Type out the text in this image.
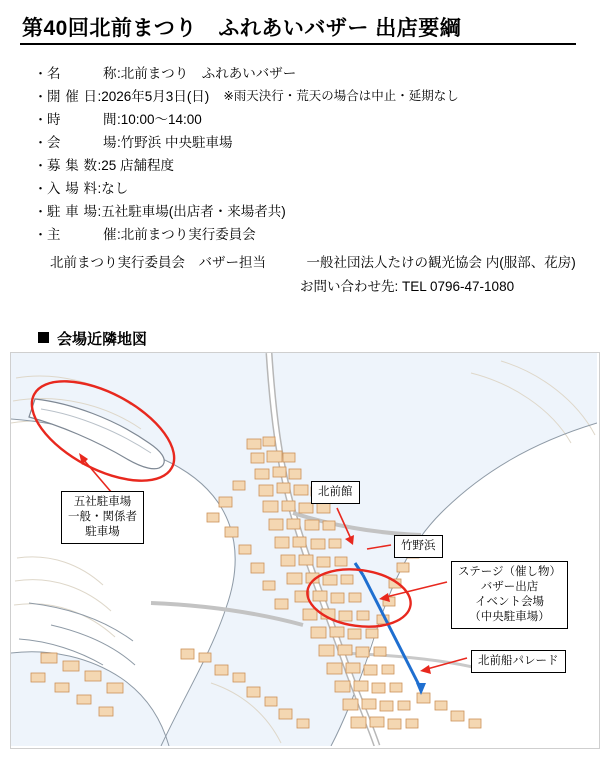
第40回北前まつり　ふれあいバザー 出店要綱
・ 名　　　称 :北前まつり　ふれあいバザー
・ 開 催 日 :2026年5月3日(日)	※雨天決行・荒天の場合は中止・延期なし
・ 時　　　間 :10:00～14:00
・ 会　　　場 :竹野浜 中央駐車場
・ 募 集 数 :25 店舗程度
・ 入 場 料 :なし
・ 駐 車 場 :五社駐車場(出店者・来場者共)
・ 主　　　催 :北前まつり実行委員会
北前まつり実行委員会　バザー担当　　　一般社団法人たけの観光協会 内(服部、花房)
お問い合わせ先: TEL 0796-47-1080
会場近隣地図
五社駐車場
一般・関係者
駐車場
北前館
竹野浜
ステージ（催し物）
バザー出店
イベント会場
（中央駐車場）
北前船パレード
